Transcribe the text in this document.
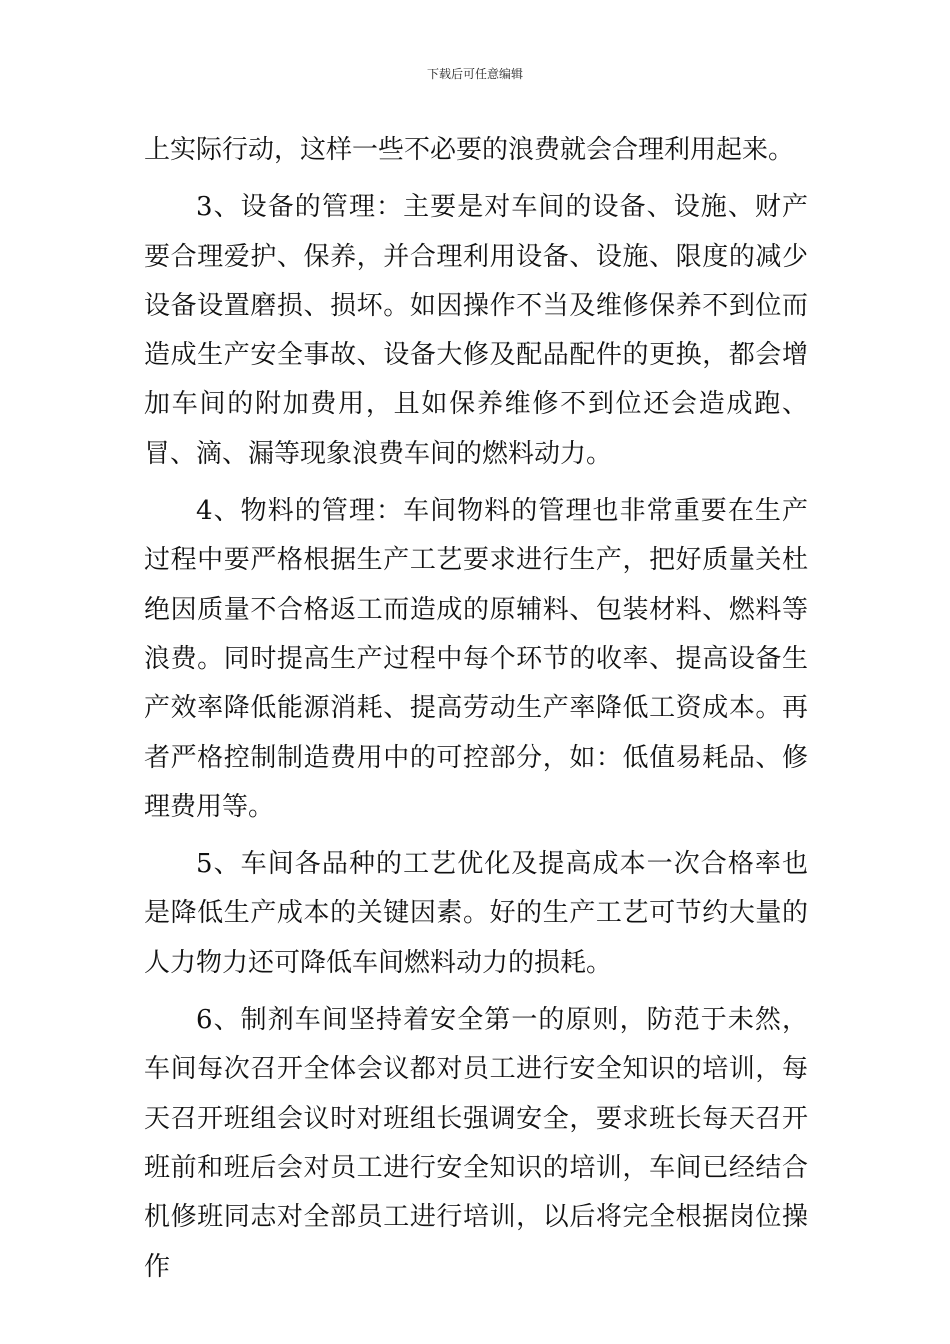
下载后可任意编辑

上实际行动，这样一些不必要的浪费就会合理利用起来。

3、设备的管理：主要是对车间的设备、设施、财产要合理爱护、保养，并合理利用设备、设施、限度的减少设备设置磨损、损坏。如因操作不当及维修保养不到位而造成生产安全事故、设备大修及配品配件的更换，都会增加车间的附加费用，且如保养维修不到位还会造成跑、冒、滴、漏等现象浪费车间的燃料动力。

4、物料的管理：车间物料的管理也非常重要在生产过程中要严格根据生产工艺要求进行生产，把好质量关杜绝因质量不合格返工而造成的原辅料、包装材料、燃料等浪费。同时提高生产过程中每个环节的收率、提高设备生产效率降低能源消耗、提高劳动生产率降低工资成本。再者严格控制制造费用中的可控部分，如：低值易耗品、修理费用等。

5、车间各品种的工艺优化及提高成本一次合格率也是降低生产成本的关键因素。好的生产工艺可节约大量的人力物力还可降低车间燃料动力的损耗。

6、制剂车间坚持着安全第一的原则，防范于未然，车间每次召开全体会议都对员工进行安全知识的培训，每天召开班组会议时对班组长强调安全，要求班长每天召开班前和班后会对员工进行安全知识的培训，车间已经结合机修班同志对全部员工进行培训，以后将完全根据岗位操作
